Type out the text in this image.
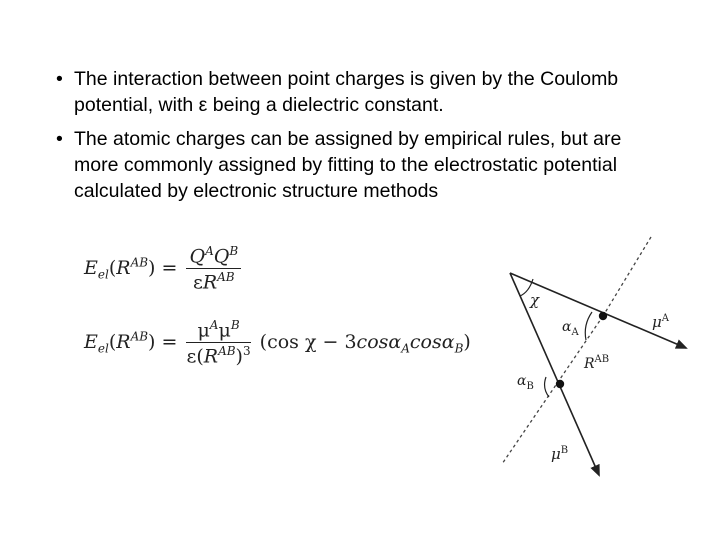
• The interaction between point charges is given by the Coulomb potential, with ε being a dielectric constant.
• The atomic charges can be assigned by empirical rules, but are more commonly assigned by fitting to the electrostatic potential calculated by electronic structure methods
$E_{el}(R^{AB}) = \frac{Q^AQ^B}{\varepsilon R^{AB}}$
$E_{el}(R^{AB}) = \frac{\mu^A\mu^B}{\varepsilon(R^{AB})^3} (\cos$ χ − 3cosα$_A$cosα$_B$)
χ
$\alpha_A$
$R^{AB}$
$\mu^A$
$\alpha_B$
$\mu^B$
